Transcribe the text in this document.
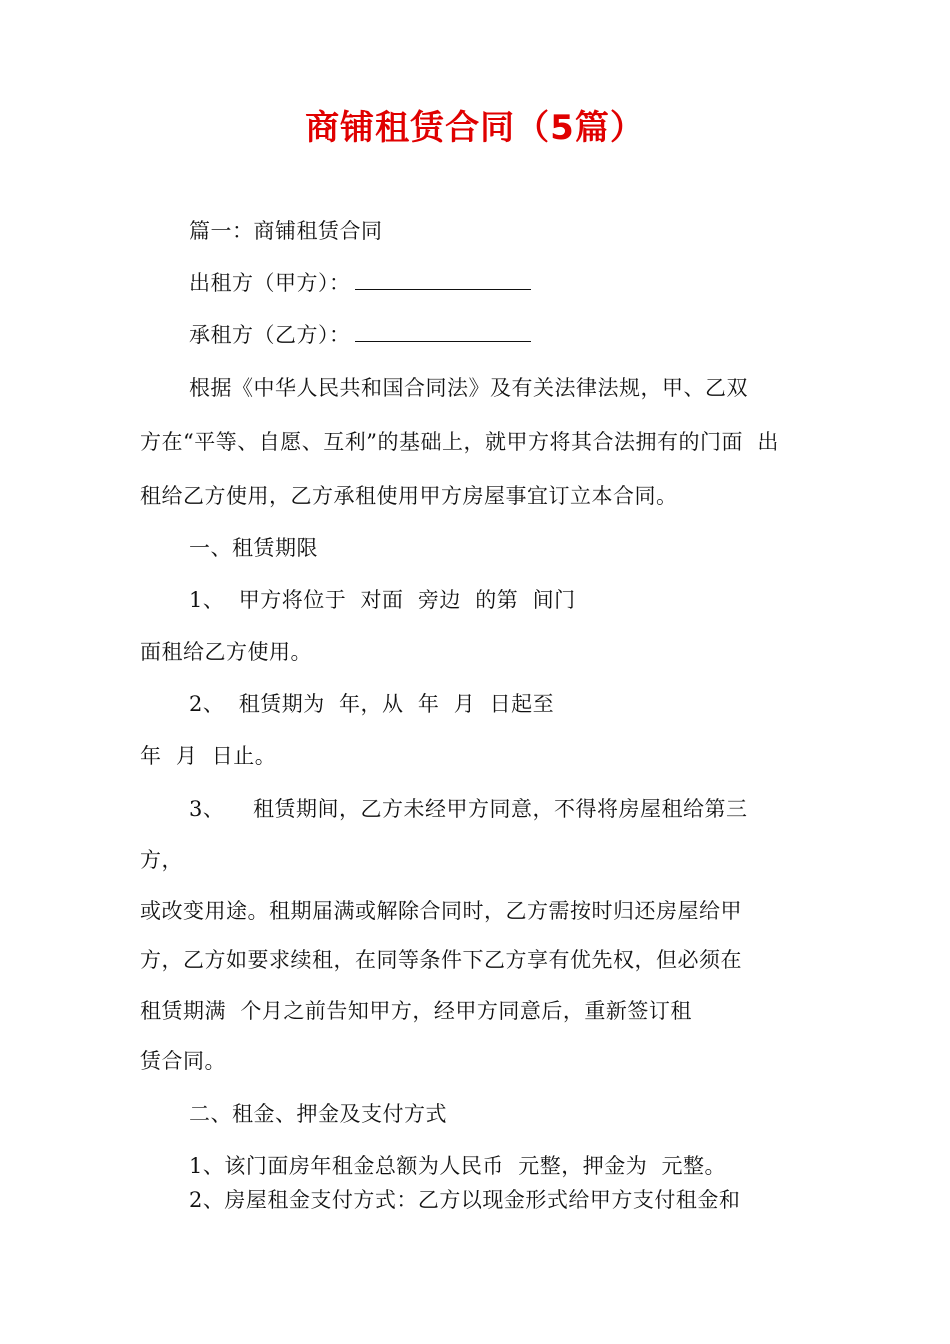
商铺租赁合同（5篇）
篇一：商铺租赁合同
出租方（甲方）：
承租方（乙方）：
根据《中华人民共和国合同法》及有关法律法规，甲、乙双
方在“平等、自愿、互利”的基础上，就甲方将其合法拥有的门面  出
租给乙方使用，乙方承租使用甲方房屋事宜订立本合同。
一、租赁期限
1、  甲方将位于  对面  旁边  的第  间门
面租给乙方使用。
2、  租赁期为  年，从  年  月  日起至
年  月  日止。
3、    租赁期间，乙方未经甲方同意，不得将房屋租给第三
方，
或改变用途。租期届满或解除合同时，乙方需按时归还房屋给甲
方，乙方如要求续租，在同等条件下乙方享有优先权，但必须在
租赁期满  个月之前告知甲方，经甲方同意后，重新签订租
赁合同。
二、租金、押金及支付方式
1、该门面房年租金总额为人民币  元整，押金为  元整。
2、房屋租金支付方式：乙方以现金形式给甲方支付租金和
